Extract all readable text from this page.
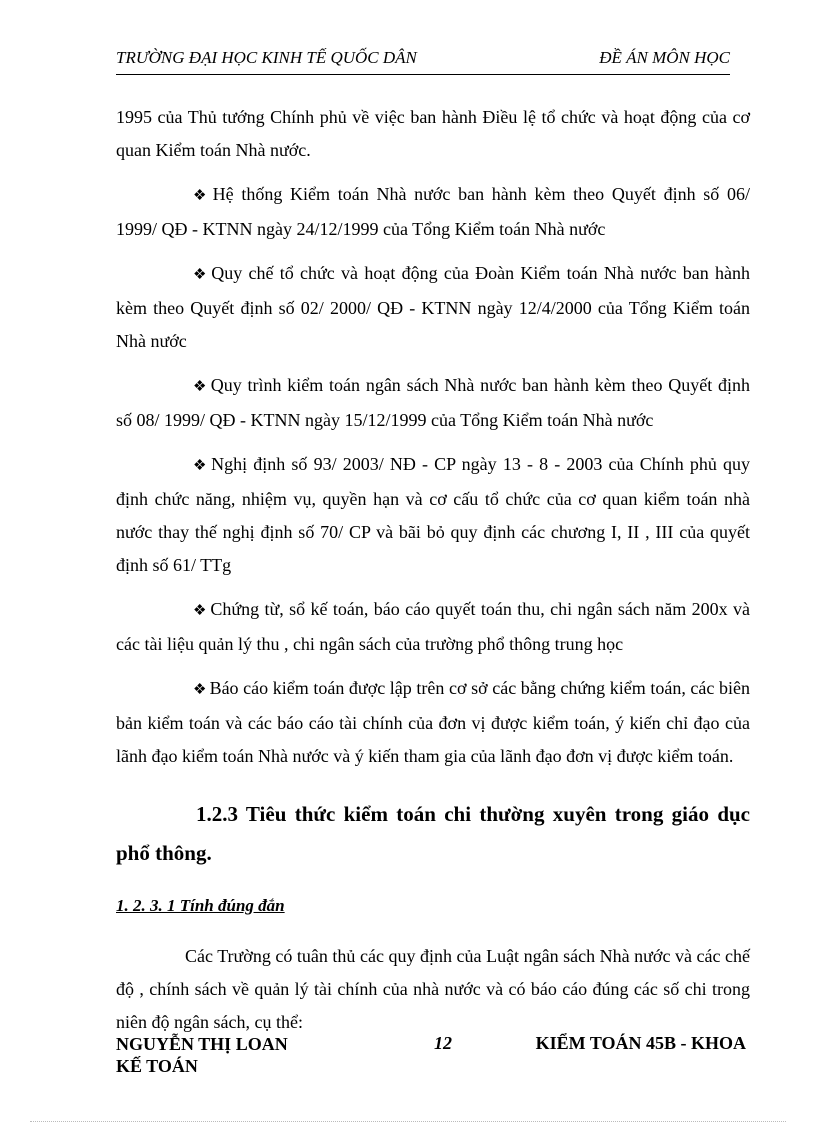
TRƯỜNG ĐẠI HỌC KINH TẾ QUỐC DÂN	ĐỀ ÁN MÔN HỌC

1995 của Thủ tướng Chính phủ về việc ban hành Điều lệ tổ chức và hoạt động của cơ quan Kiểm toán Nhà nước.

❖ Hệ thống Kiểm toán Nhà nước ban hành kèm theo Quyết định số 06/ 1999/ QĐ - KTNN ngày 24/12/1999 của Tổng Kiểm toán Nhà nước

❖ Quy chế tổ chức và hoạt động của Đoàn Kiểm toán Nhà nước ban hành kèm theo Quyết định số 02/ 2000/ QĐ - KTNN ngày 12/4/2000 của Tổng Kiểm toán Nhà nước

❖ Quy trình kiểm toán ngân sách Nhà nước ban hành kèm theo Quyết định số 08/ 1999/ QĐ - KTNN ngày 15/12/1999 của Tổng Kiểm toán Nhà nước

❖ Nghị định số 93/ 2003/ NĐ - CP ngày 13 - 8 - 2003 của Chính phủ quy định chức năng, nhiệm vụ, quyền hạn và cơ cấu tổ chức của cơ quan kiểm toán nhà nước thay thế nghị định số 70/ CP và bãi bỏ quy định các chương I, II , III của quyết định số 61/ TTg

❖ Chứng từ, sổ kế toán, báo cáo quyết toán thu, chi ngân sách năm 200x và các tài liệu quản lý thu , chi ngân sách của trường phổ thông trung học

❖ Báo cáo kiểm toán được lập trên cơ sở các bằng chứng kiểm toán, các biên bản kiểm toán và các báo cáo tài chính của đơn vị được kiểm toán, ý kiến chỉ đạo của lãnh đạo kiểm toán Nhà nước và ý kiến tham gia của lãnh đạo đơn vị được kiểm toán.

1.2.3 Tiêu thức kiểm toán chi thường xuyên trong giáo dục phổ thông.

1. 2. 3. 1 Tính đúng đắn

Các Trường có tuân thủ các quy định của Luật ngân sách Nhà nước và các chế độ , chính sách về quản lý tài chính của nhà nước và có báo cáo đúng các số chi trong niên độ ngân sách, cụ thể:

NGUYỄN THỊ LOAN
KẾ TOÁN
12	KIỂM TOÁN 45B - KHOA
